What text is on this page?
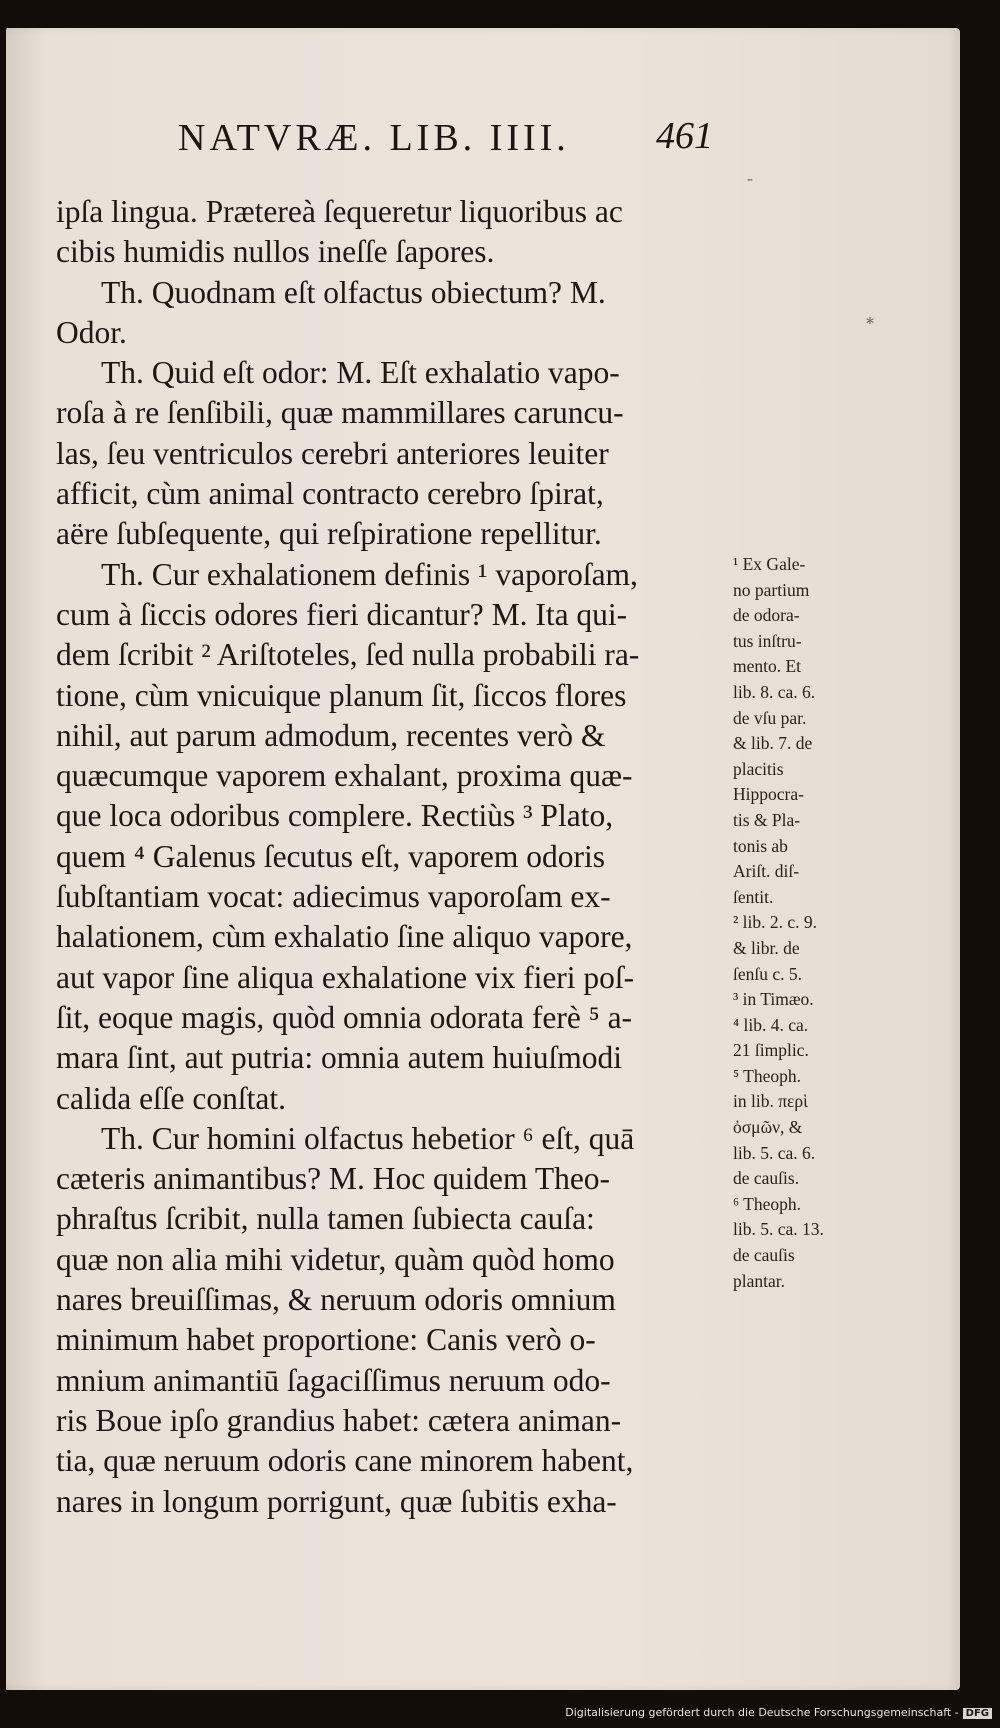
NATVRÆ. LIB. IIII.	461
ipſa lingua. Prætereà ſequeretur liquoribus ac
cibis humidis nullos ineſſe ſapores.
Th. Quodnam eſt olfactus obiectum? M.
Odor.
Th. Quid eſt odor: M. Eſt exhalatio vapo-
roſa à re ſenſibili, quæ mammillares caruncu-
las, ſeu ventriculos cerebri anteriores leuiter
afficit, cùm animal contracto cerebro ſpirat,
aëre ſubſequente, qui reſpiratione repellitur.
Th. Cur exhalationem definis ¹ vaporoſam,
cum à ſiccis odores fieri dicantur? M. Ita qui-
dem ſcribit ² Ariſtoteles, ſed nulla probabili ra-
tione, cùm vnicuique planum ſit, ſiccos flores
nihil, aut parum admodum, recentes verò &
quæcumque vaporem exhalant, proxima quæ-
que loca odoribus complere. Rectiùs ³ Plato,
quem ⁴ Galenus ſecutus eſt, vaporem odoris
ſubſtantiam vocat: adiecimus vaporoſam ex-
halationem, cùm exhalatio ſine aliquo vapore,
aut vapor ſine aliqua exhalatione vix fieri poſ-
ſit, eoque magis, quòd omnia odorata ferè ⁵ a-
mara ſint, aut putria: omnia autem huiuſmodi
calida eſſe conſtat.
Th. Cur homini olfactus hebetior ⁶ eſt, quā
cæteris animantibus? M. Hoc quidem Theo-
phraſtus ſcribit, nulla tamen ſubiecta cauſa:
quæ non alia mihi videtur, quàm quòd homo
nares breuiſſimas, & neruum odoris omnium
minimum habet proportione: Canis verò o-
mnium animantiū ſagaciſſimus neruum odo-
ris Boue ipſo grandius habet: cætera animan-
tia, quæ neruum odoris cane minorem habent,
nares in longum porrigunt, quæ ſubitis exha-
¹ Ex Gale-
no partium
de odora-
tus inſtru-
mento. Et
lib. 8. ca. 6.
de vſu par.
& lib. 7. de
placitis
Hippocra-
tis & Pla-
tonis ab
Ariſt. diſ-
ſentit.
² lib. 2. c. 9.
& libr. de
ſenſu c. 5.
³ in Timæo.
⁴ lib. 4. ca.
21 ſimplic.
⁵ Theoph.
in lib. περὶ
ὀσμῶν, &
lib. 5. ca. 6.
de cauſis.
⁶ Theoph.
lib. 5. ca. 13.
de cauſis
plantar.
ˉ
*
Digitalisierung gefördert durch die Deutsche Forschungsgemeinschaft - DFG
